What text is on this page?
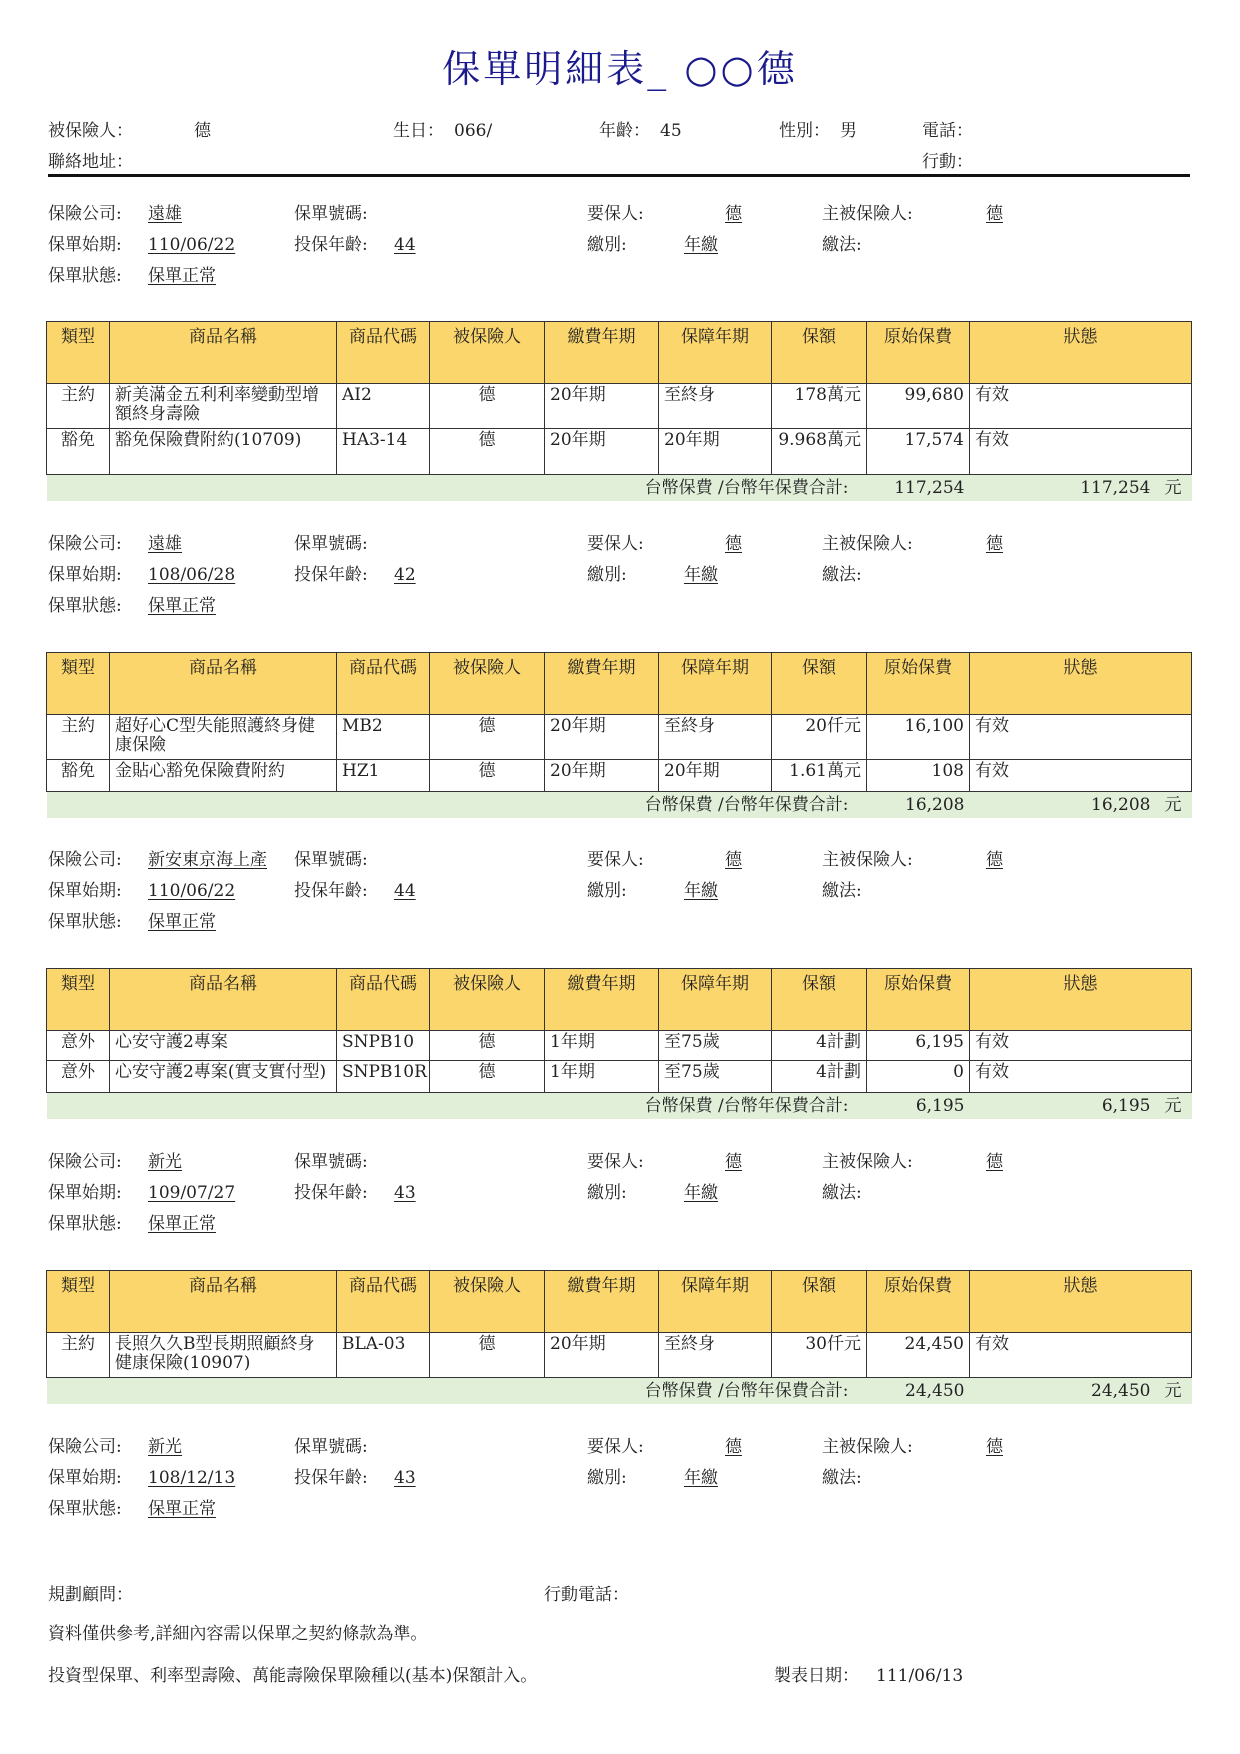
保單明細表_ ○○德
被保險人：	德	生日： 066/	年齡： 45	性別： 男	電話：
聯絡地址：	行動：
保險公司: 遠雄	保單號碼:	要保人:	德	主被保險人:	德
保單始期: 110/06/22	投保年齡: 44	繳別:	年繳	繳法:
保單狀態: 保單正常
類型	商品名稱	商品代碼	被保險人	繳費年期	保障年期	保額	原始保費	狀態
主約	新美滿金五利利率變動型增額終身壽險	AI2	德	20年期	至終身	178萬元	99,680	有效
豁免	豁免保險費附約(10709)	HA3-14	德	20年期	20年期	9.968萬元	17,574	有效
台幣保費 /台幣年保費合計:							117,254	117,254 元
保險公司: 遠雄	保單號碼:	要保人:	德	主被保險人:	德
保單始期: 108/06/28	投保年齡: 42	繳別:	年繳	繳法:
保單狀態: 保單正常
類型	商品名稱	商品代碼	被保險人	繳費年期	保障年期	保額	原始保費	狀態
主約	超好心C型失能照護終身健康保險	MB2	德	20年期	至終身	20仟元	16,100	有效
豁免	金貼心豁免保險費附約	HZ1	德	20年期	20年期	1.61萬元	108	有效
台幣保費 /台幣年保費合計:							16,208	16,208 元
保險公司: 新安東京海上產 保單號碼:	要保人:	德	主被保險人:	德
保單始期: 110/06/22	投保年齡: 44	繳別:	年繳	繳法:
保單狀態: 保單正常
類型	商品名稱	商品代碼	被保險人	繳費年期	保障年期	保額	原始保費	狀態
意外	心安守護2專案	SNPB10	德	1年期	至75歲	4計劃	6,195	有效
意外	心安守護2專案(實支實付型)	SNPB10R	德	1年期	至75歲	4計劃	0	有效
台幣保費 /台幣年保費合計:							6,195	6,195 元
保險公司: 新光	保單號碼:	要保人:	德	主被保險人:	德
保單始期: 109/07/27	投保年齡: 43	繳別:	年繳	繳法:
保單狀態: 保單正常
類型	商品名稱	商品代碼	被保險人	繳費年期	保障年期	保額	原始保費	狀態
主約	長照久久B型長期照顧終身健康保險(10907)	BLA-03	德	20年期	至終身	30仟元	24,450	有效
台幣保費 /台幣年保費合計:							24,450	24,450 元
保險公司: 新光	保單號碼:	要保人:	德	主被保險人:	德
保單始期: 108/12/13	投保年齡: 43	繳別:	年繳	繳法:
保單狀態: 保單正常
規劃顧問：	行動電話：
資料僅供參考,詳細內容需以保單之契約條款為準。
投資型保單、利率型壽險、萬能壽險保單險種以(基本)保額計入。	製表日期： 111/06/13
